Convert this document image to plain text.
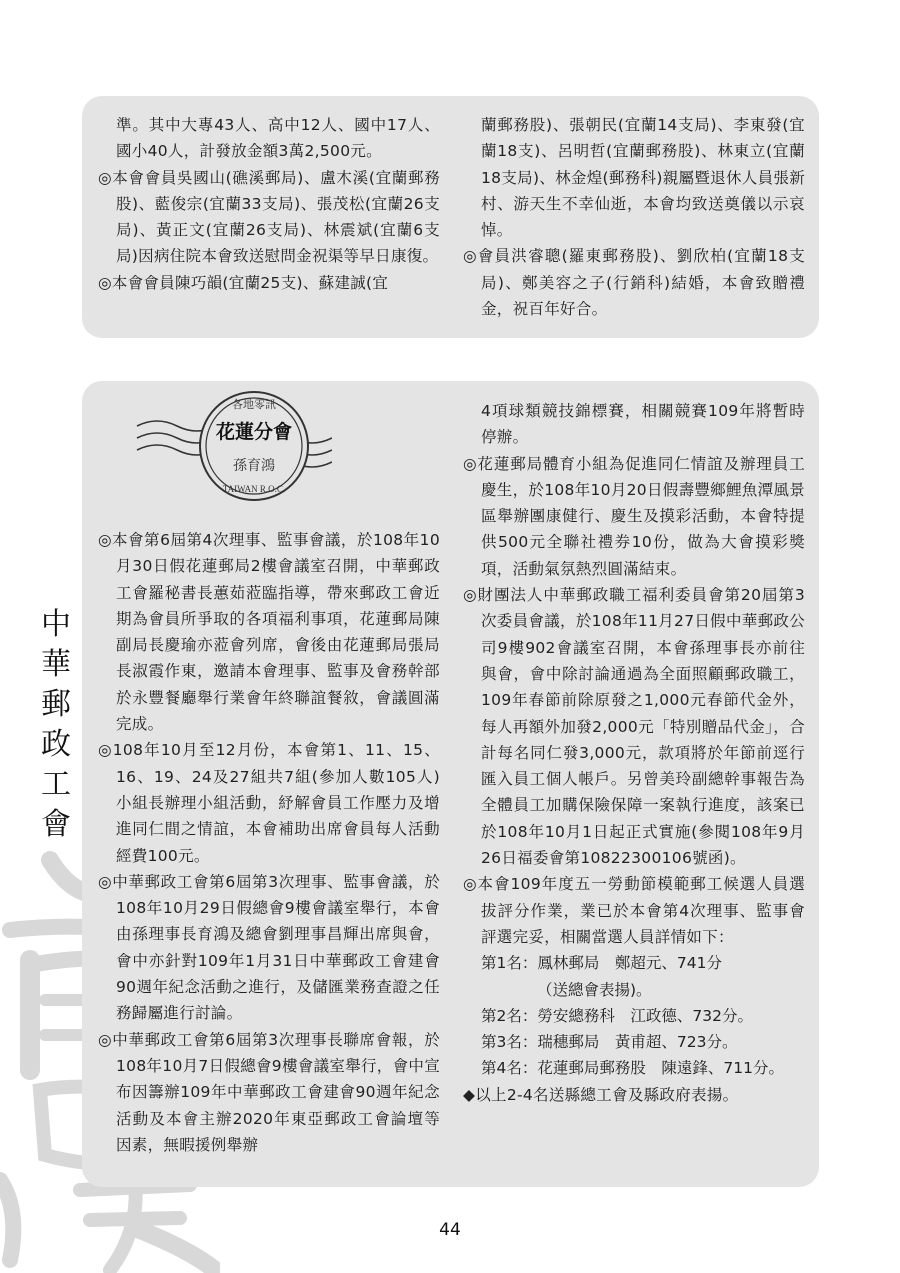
準。其中大專43人、高中12人、國中17人、國小40人，計發放金額3萬2,500元。

◎本會會員吳國山(礁溪郵局)、盧木溪(宜蘭郵務股)、藍俊宗(宜蘭33支局)、張茂松(宜蘭26支局)、黃正文(宜蘭26支局)、林震斌(宜蘭6支局)因病住院本會致送慰問金祝渠等早日康復。

◎本會會員陳巧韻(宜蘭25支)、蘇建誠(宜

蘭郵務股)、張朝民(宜蘭14支局)、李東發(宜蘭18支)、呂明哲(宜蘭郵務股)、林東立(宜蘭18支局)、林金煌(郵務科)親屬暨退休人員張新村、游天生不幸仙逝，本會均致送奠儀以示哀悼。

◎會員洪睿聰(羅東郵務股)、劉欣柏(宜蘭18支局)、鄭美容之子(行銷科)結婚，本會致贈禮金，祝百年好合。

各地零訊
花蓮分會
孫育鴻
TAIWAN R.O.C.
中
華
郵
政
工
會

◎本會第6屆第4次理事、監事會議，於108年10月30日假花蓮郵局2樓會議室召開，中華郵政工會羅秘書長蕙茹蒞臨指導，帶來郵政工會近期為會員所爭取的各項福利事項，花蓮郵局陳副局長慶瑜亦蒞會列席，會後由花蓮郵局張局長淑霞作東，邀請本會理事、監事及會務幹部於永豐餐廳舉行業會年終聯誼餐敘，會議圓滿完成。

◎108年10月至12月份，本會第1、11、15、16、19、24及27組共7組(參加人數105人)小組長辦理小組活動，紓解會員工作壓力及增進同仁間之情誼，本會補助出席會員每人活動經費100元。

◎中華郵政工會第6屆第3次理事、監事會議，於108年10月29日假總會9樓會議室舉行，本會由孫理事長育鴻及總會劉理事昌輝出席與會，會中亦針對109年1月31日中華郵政工會建會90週年紀念活動之進行，及儲匯業務查證之任務歸屬進行討論。

◎中華郵政工會第6屆第3次理事長聯席會報，於108年10月7日假總會9樓會議室舉行，會中宣布因籌辦109年中華郵政工會建會90週年紀念活動及本會主辦2020年東亞郵政工會論壇等因素，無暇援例舉辦

4項球類競技錦標賽，相關競賽109年將暫時停辦。

◎花蓮郵局體育小組為促進同仁情誼及辦理員工慶生，於108年10月20日假壽豐鄉鯉魚潭風景區舉辦團康健行、慶生及摸彩活動，本會特提供500元全聯社禮券10份，做為大會摸彩獎項，活動氣氛熱烈圓滿結束。

◎財團法人中華郵政職工福利委員會第20屆第3次委員會議，於108年11月27日假中華郵政公司9樓902會議室召開，本會孫理事長亦前往與會，會中除討論通過為全面照顧郵政職工，109年春節前除原發之1,000元春節代金外，每人再額外加發2,000元「特別贈品代金」，合計每名同仁發3,000元，款項將於年節前逕行匯入員工個人帳戶。另曾美玲副總幹事報告為全體員工加購保險保障一案執行進度，該案已於108年10月1日起正式實施(參閱108年9月26日福委會第10822300106號函)。

◎本會109年度五一勞動節模範郵工候選人員選拔評分作業，業已於本會第4次理事、監事會評選完妥，相關當選人員詳情如下：

第1名：鳳林郵局　鄭超元、741分

（送總會表揚)。

第2名：勞安總務科　江政德、732分。

第3名：瑞穗郵局　黃甫超、723分。

第4名：花蓮郵局郵務股　陳遠鋒、711分。

◆以上2-4名送縣總工會及縣政府表揚。

44
